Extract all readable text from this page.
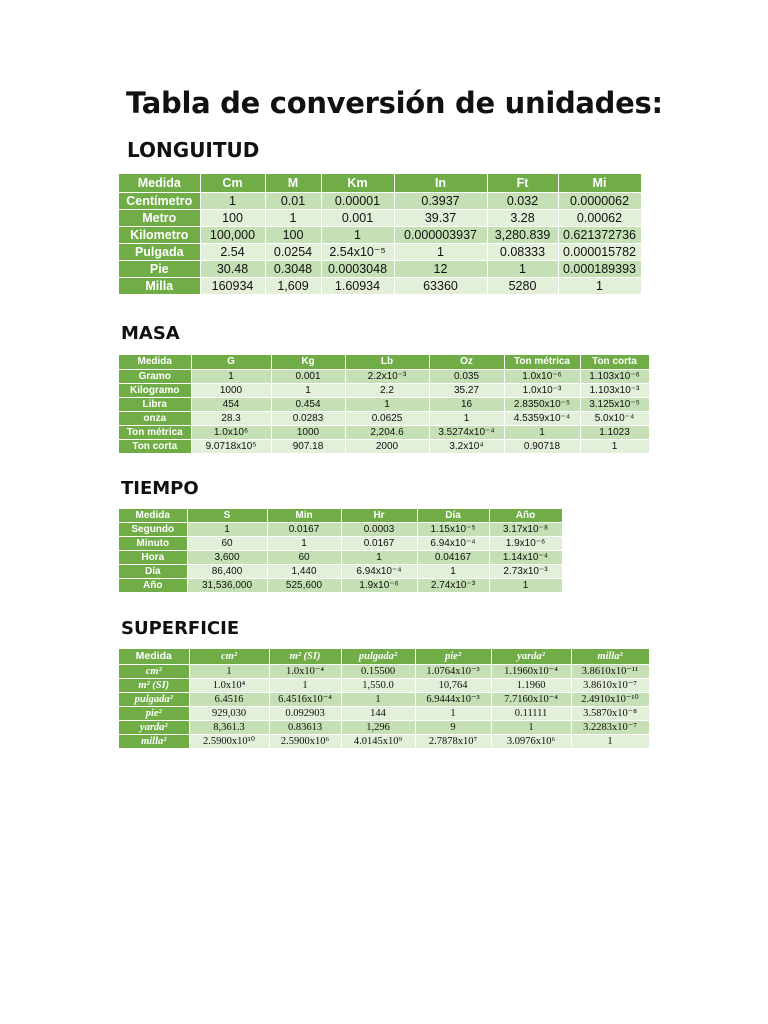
Tabla de conversión de unidades:
LONGUITUD
Medida	Cm	M	Km	In	Ft	Mi
Centímetro	1	0.01	0.00001	0.3937	0.032	0.0000062
Metro	100	1	0.001	39.37	3.28	0.00062
Kilometro	100,000	100	1	0.000003937	3,280.839	0.621372736
Pulgada	2.54	0.0254	2.54x10⁻⁵	1	0.08333	0.000015782
Pie	30.48	0.3048	0.0003048	12	1	0.000189393
Milla	160934	1,609	1.60934	63360	5280	1
MASA
Medida	G	Kg	Lb	Oz	Ton métrica	Ton corta
Gramo	1	0.001	2.2x10⁻³	0.035	1.0x10⁻⁶	1.103x10⁻⁶
Kilogramo	1000	1	2.2	35.27	1.0x10⁻³	1.103x10⁻³
Libra	454	0.454	1	16	2.8350x10⁻⁵	3.125x10⁻⁵
onza	28.3	0.0283	0.0625	1	4.5359x10⁻⁴	5.0x10⁻⁴
Ton métrica	1.0x10⁶	1000	2,204.6	3.5274x10⁻⁴	1	1.1023
Ton corta	9.0718x10⁵	907.18	2000	3.2x10⁴	0.90718	1
TIEMPO
Medida	S	Min	Hr	Día	Año
Segundo	1	0.0167	0.0003	1.15x10⁻⁵	3.17x10⁻⁸
Minuto	60	1	0.0167	6.94x10⁻⁴	1.9x10⁻⁶
Hora	3,600	60	1	0.04167	1.14x10⁻⁴
Día	86,400	1,440	6.94x10⁻⁴	1	2.73x10⁻³
Año	31,536,000	525,600	1.9x10⁻⁶	2.74x10⁻³	1
SUPERFICIE
Medida	cm²	m² (SI)	pulgada²	pie²	yarda²	milla²
cm²	1	1.0x10⁻⁴	0.15500	1.0764x10⁻³	1.1960x10⁻⁴	3.8610x10⁻¹¹
m² (SI)	1.0x10⁴	1	1,550.0	10,764	1.1960	3.8610x10⁻⁷
pulgada²	6.4516	6.4516x10⁻⁴	1	6.9444x10⁻³	7.7160x10⁻⁴	2.4910x10⁻¹⁰
pie²	929,030	0.092903	144	1	0.11111	3.5870x10⁻⁸
yarda²	8,361.3	0.83613	1,296	9	1	3.2283x10⁻⁷
milla²	2.5900x10¹⁰	2.5900x10⁶	4.0145x10⁹	2.7878x10⁷	3.0976x10⁶	1
